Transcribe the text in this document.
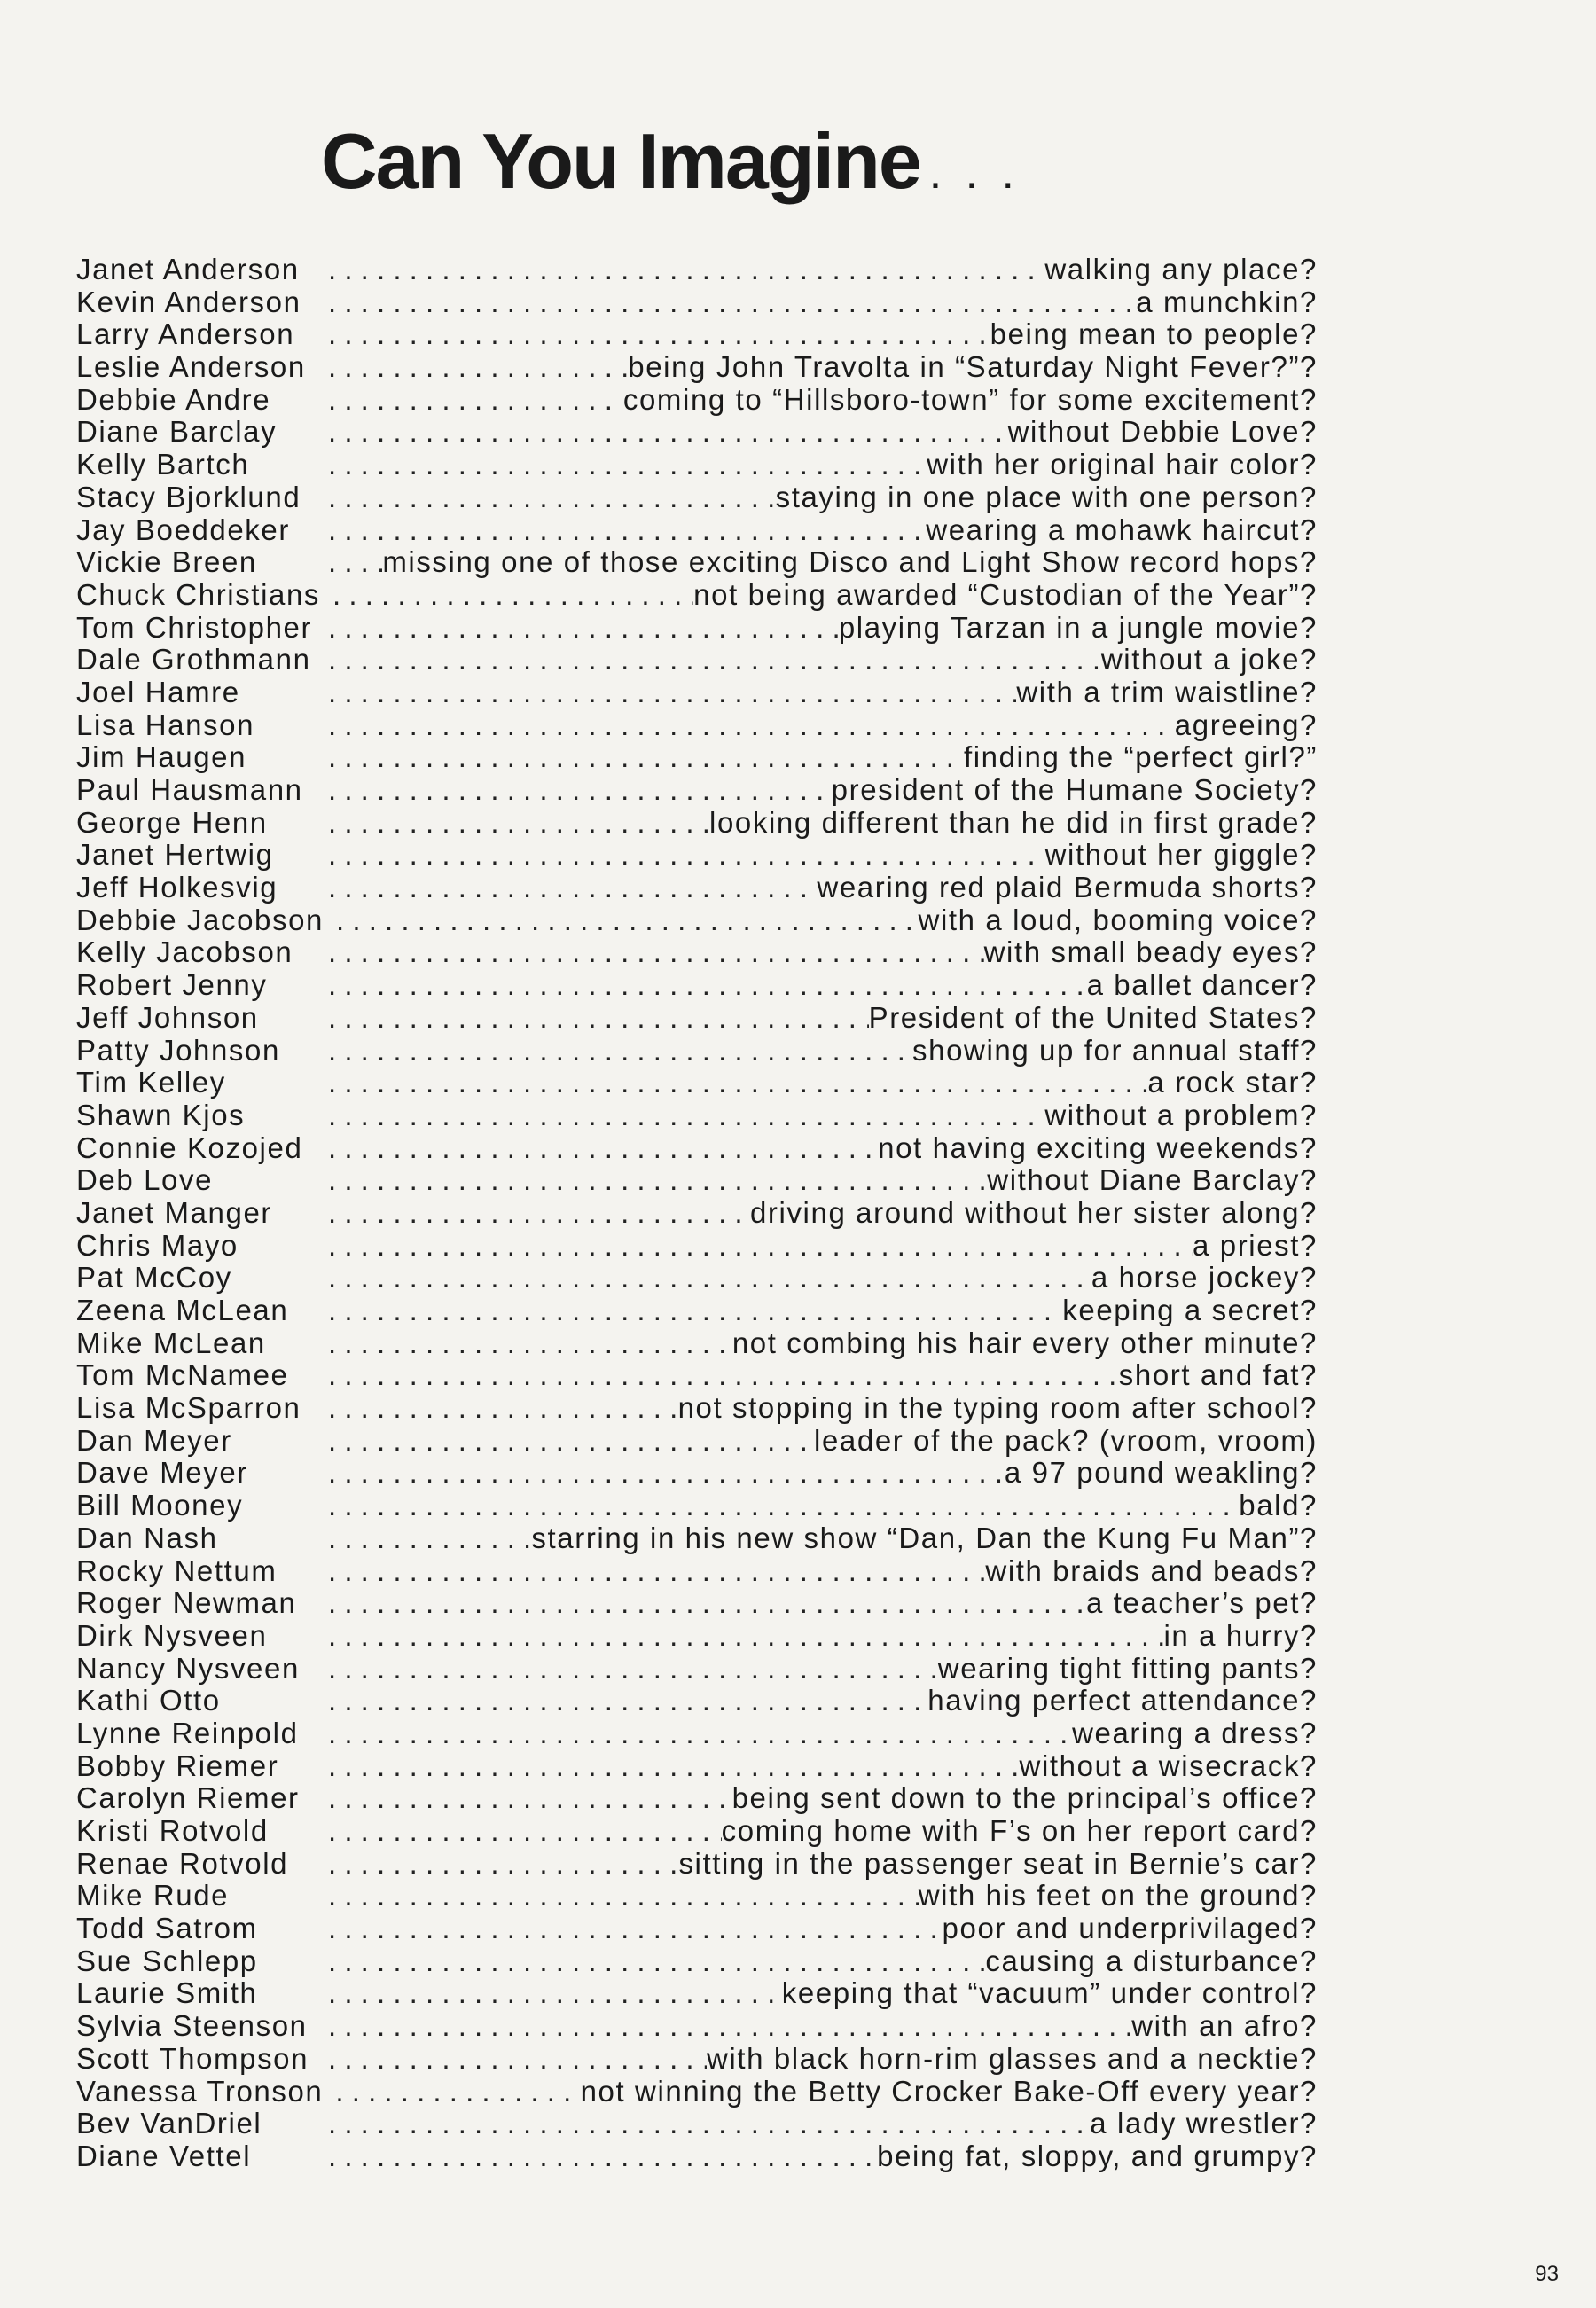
Can You Imagine . . .
Janet Anderson . . .	walking any place?
Kevin Anderson . . .	a munchkin?
Larry Anderson . . .	being mean to people?
Leslie Anderson . . .	being John Travolta in “Saturday Night Fever?”?
Debbie Andre . . .	coming to “Hillsboro-town” for some excitement?
Diane Barclay . . .	without Debbie Love?
Kelly Bartch . . .	with her original hair color?
Stacy Bjorklund . . .	staying in one place with one person?
Jay Boeddeker . . .	wearing a mohawk haircut?
Vickie Breen . . .	missing one of those exciting Disco and Light Show record hops?
Chuck Christians . . .	not being awarded “Custodian of the Year”?
Tom Christopher . . .	playing Tarzan in a jungle movie?
Dale Grothmann . . .	without a joke?
Joel Hamre . . .	with a trim waistline?
Lisa Hanson . . .	agreeing?
Jim Haugen . . .	finding the “perfect girl?”
Paul Hausmann . . .	president of the Humane Society?
George Henn . . .	looking different than he did in first grade?
Janet Hertwig . . .	without her giggle?
Jeff Holkesvig . . .	wearing red plaid Bermuda shorts?
Debbie Jacobson . . .	with a loud, booming voice?
Kelly Jacobson . . .	with small beady eyes?
Robert Jenny . . .	a ballet dancer?
Jeff Johnson . . .	President of the United States?
Patty Johnson . . .	showing up for annual staff?
Tim Kelley . . .	a rock star?
Shawn Kjos . . .	without a problem?
Connie Kozojed . . .	not having exciting weekends?
Deb Love . . .	without Diane Barclay?
Janet Manger . . .	driving around without her sister along?
Chris Mayo . . .	a priest?
Pat McCoy . . .	a horse jockey?
Zeena McLean . . .	keeping a secret?
Mike McLean . . .	not combing his hair every other minute?
Tom McNamee . . .	short and fat?
Lisa McSparron . . .	not stopping in the typing room after school?
Dan Meyer . . .	leader of the pack? (vroom, vroom)
Dave Meyer . . .	a 97 pound weakling?
Bill Mooney . . .	bald?
Dan Nash . . .	starring in his new show “Dan, Dan the Kung Fu Man”?
Rocky Nettum . . .	with braids and beads?
Roger Newman . . .	a teacher’s pet?
Dirk Nysveen . . .	in a hurry?
Nancy Nysveen . . .	wearing tight fitting pants?
Kathi Otto . . .	having perfect attendance?
Lynne Reinpold . . .	wearing a dress?
Bobby Riemer . . .	without a wisecrack?
Carolyn Riemer . . .	being sent down to the principal’s office?
Kristi Rotvold . . .	coming home with F’s on her report card?
Renae Rotvold . . .	sitting in the passenger seat in Bernie’s car?
Mike Rude . . .	with his feet on the ground?
Todd Satrom . . .	poor and underprivilaged?
Sue Schlepp . . .	causing a disturbance?
Laurie Smith . . .	keeping that “vacuum” under control?
Sylvia Steenson . . .	with an afro?
Scott Thompson . . .	with black horn-rim glasses and a necktie?
Vanessa Tronson . . .	not winning the Betty Crocker Bake-Off every year?
Bev VanDriel . . .	a lady wrestler?
Diane Vettel . . .	being fat, sloppy, and grumpy?
93
